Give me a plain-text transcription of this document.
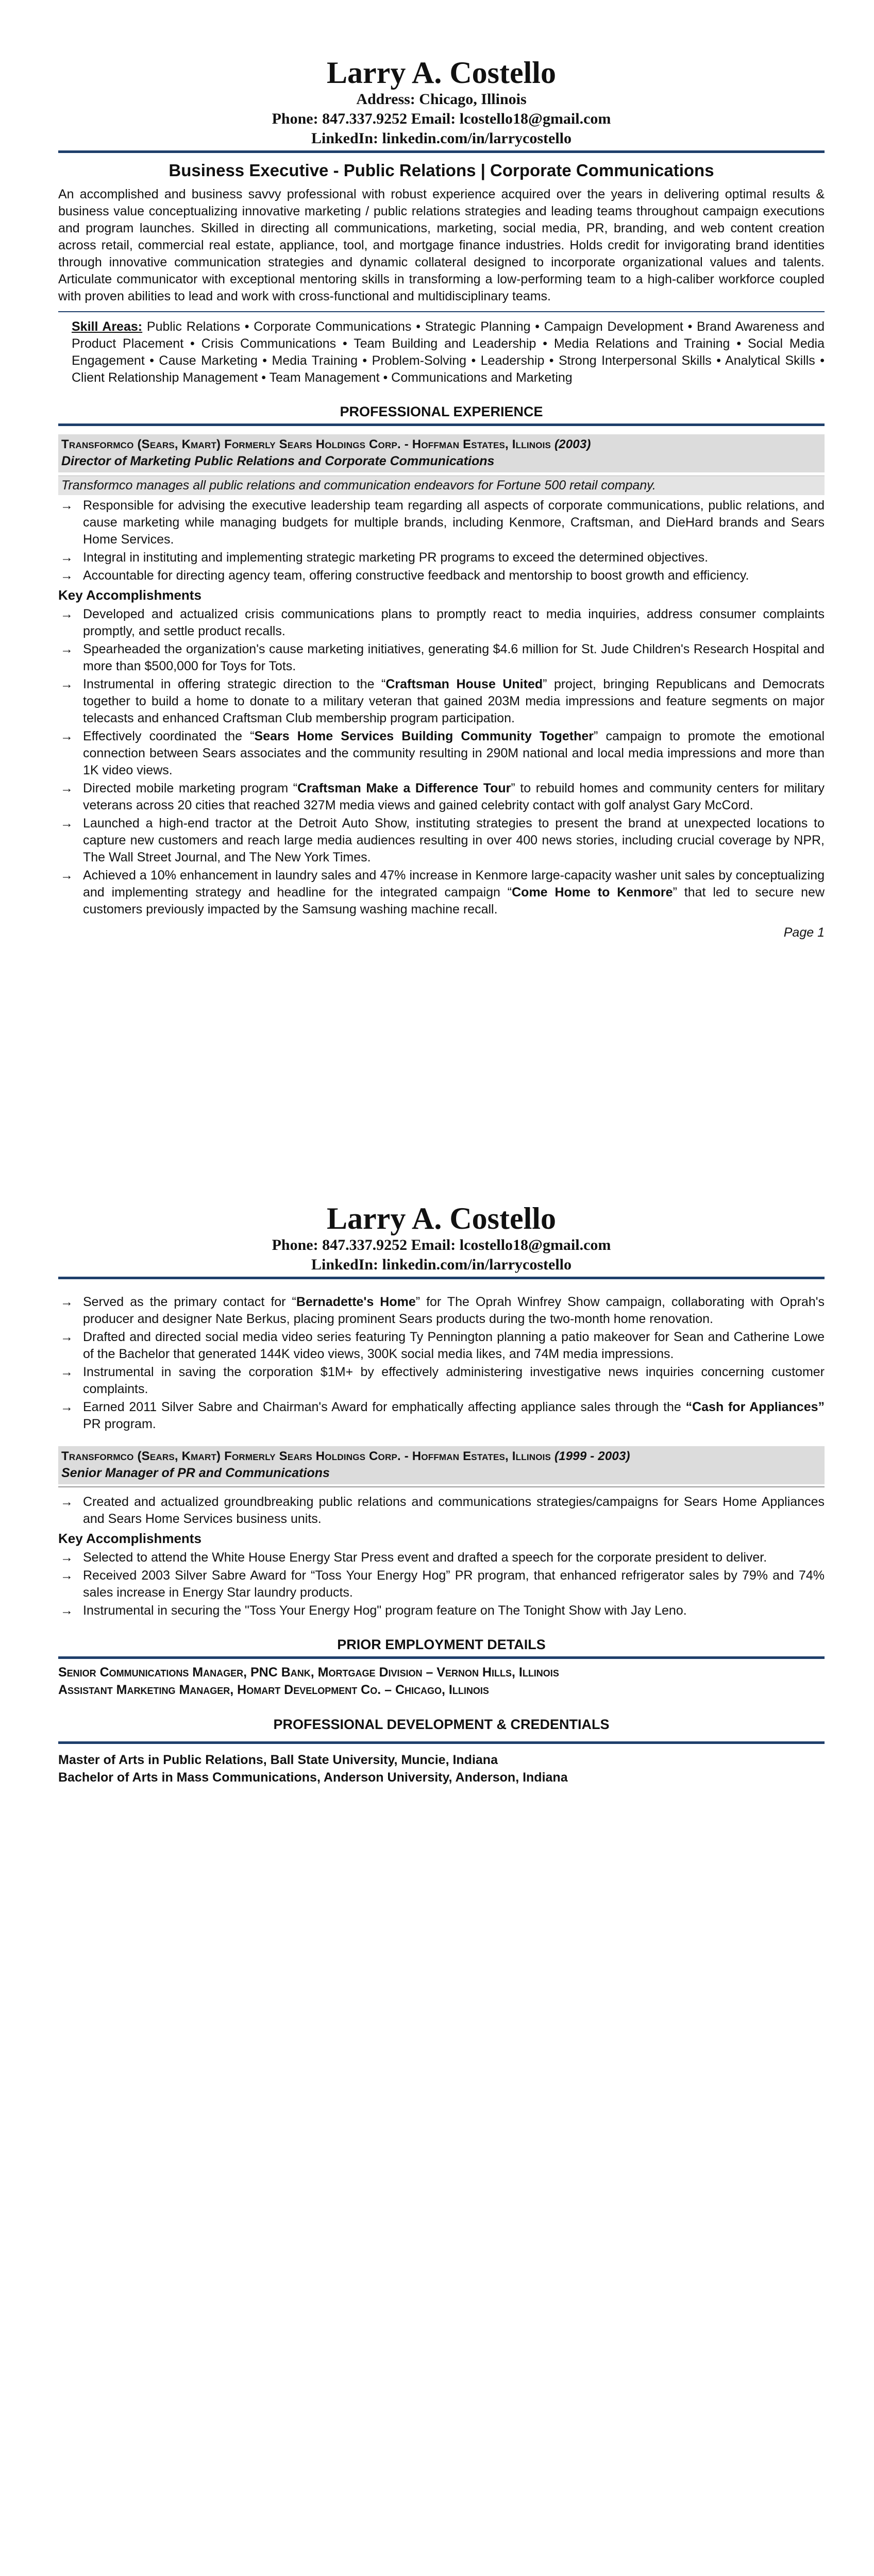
Larry A. Costello

Address: Chicago, Illinois

Phone: 847.337.9252 Email: lcostello18@gmail.com

LinkedIn: linkedin.com/in/larrycostello

Business Executive - Public Relations | Corporate Communications

An accomplished and business savvy professional with robust experience acquired over the years in delivering optimal results & business value conceptualizing innovative marketing / public relations strategies and leading teams throughout campaign executions and program launches. Skilled in directing all communications, marketing, social media, PR, branding, and web content creation across retail, commercial real estate, appliance, tool, and mortgage finance industries. Holds credit for invigorating brand identities through innovative communication strategies and dynamic collateral designed to incorporate organizational values and talents. Articulate communicator with exceptional mentoring skills in transforming a low-performing team to a high-caliber workforce coupled with proven abilities to lead and work with cross-functional and multidisciplinary teams.

Skill Areas: Public Relations • Corporate Communications • Strategic Planning • Campaign Development • Brand Awareness and Product Placement • Crisis Communications • Team Building and Leadership • Media Relations and Training • Social Media Engagement • Cause Marketing • Media Training • Problem-Solving • Leadership • Strong Interpersonal Skills • Analytical Skills • Client Relationship Management • Team Management • Communications and Marketing

PROFESSIONAL EXPERIENCE

Transformco (Sears, Kmart) Formerly Sears Holdings Corp. - Hoffman Estates, Illinois (2003)
Director of Marketing Public Relations and Corporate Communications
Transformco manages all public relations and communication endeavors for Fortune 500 retail company.
→ Responsible for advising the executive leadership team regarding all aspects of corporate communications, public relations, and cause marketing while managing budgets for multiple brands, including Kenmore, Craftsman, and DieHard brands and Sears Home Services.
→ Integral in instituting and implementing strategic marketing PR programs to exceed the determined objectives.
→ Accountable for directing agency team, offering constructive feedback and mentorship to boost growth and efficiency.

Key Accomplishments

→ Developed and actualized crisis communications plans to promptly react to media inquiries, address consumer complaints promptly, and settle product recalls.
→ Spearheaded the organization's cause marketing initiatives, generating $4.6 million for St. Jude Children's Research Hospital and more than $500,000 for Toys for Tots.
→ Instrumental in offering strategic direction to the “Craftsman House United” project, bringing Republicans and Democrats together to build a home to donate to a military veteran that gained 203M media impressions and feature segments on major telecasts and enhanced Craftsman Club membership program participation.
→ Effectively coordinated the “Sears Home Services Building Community Together” campaign to promote the emotional connection between Sears associates and the community resulting in 290M national and local media impressions and more than 1K video views.
→ Directed mobile marketing program “Craftsman Make a Difference Tour” to rebuild homes and community centers for military veterans across 20 cities that reached 327M media views and gained celebrity contact with golf analyst Gary McCord.
→ Launched a high-end tractor at the Detroit Auto Show, instituting strategies to present the brand at unexpected locations to capture new customers and reach large media audiences resulting in over 400 news stories, including crucial coverage by NPR, The Wall Street Journal, and The New York Times.
→ Achieved a 10% enhancement in laundry sales and 47% increase in Kenmore large-capacity washer unit sales by conceptualizing and implementing strategy and headline for the integrated campaign “Come Home to Kenmore” that led to secure new customers previously impacted by the Samsung washing machine recall.
Page 1

Larry A. Costello

Phone: 847.337.9252 Email: lcostello18@gmail.com

LinkedIn: linkedin.com/in/larrycostello

→ Served as the primary contact for “Bernadette's Home” for The Oprah Winfrey Show campaign, collaborating with Oprah's producer and designer Nate Berkus, placing prominent Sears products during the two-month home renovation.
→ Drafted and directed social media video series featuring Ty Pennington planning a patio makeover for Sean and Catherine Lowe of the Bachelor that generated 144K video views, 300K social media likes, and 74M media impressions.
→ Instrumental in saving the corporation $1M+ by effectively administering investigative news inquiries concerning customer complaints.
→ Earned 2011 Silver Sabre and Chairman's Award for emphatically affecting appliance sales through the “Cash for Appliances” PR program.
Transformco (Sears, Kmart) Formerly Sears Holdings Corp. - Hoffman Estates, Illinois (1999 - 2003)
Senior Manager of PR and Communications
→ Created and actualized groundbreaking public relations and communications strategies/campaigns for Sears Home Appliances and Sears Home Services business units.

Key Accomplishments

→ Selected to attend the White House Energy Star Press event and drafted a speech for the corporate president to deliver.
→ Received 2003 Silver Sabre Award for “Toss Your Energy Hog” PR program, that enhanced refrigerator sales by 79% and 74% sales increase in Energy Star laundry products.
→ Instrumental in securing the "Toss Your Energy Hog" program feature on The Tonight Show with Jay Leno.

PRIOR EMPLOYMENT DETAILS

Senior Communications Manager, PNC Bank, Mortgage Division – Vernon Hills, Illinois

Assistant Marketing Manager, Homart Development Co. – Chicago, Illinois

PROFESSIONAL DEVELOPMENT & CREDENTIALS

Master of Arts in Public Relations, Ball State University, Muncie, Indiana

Bachelor of Arts in Mass Communications, Anderson University, Anderson, Indiana
